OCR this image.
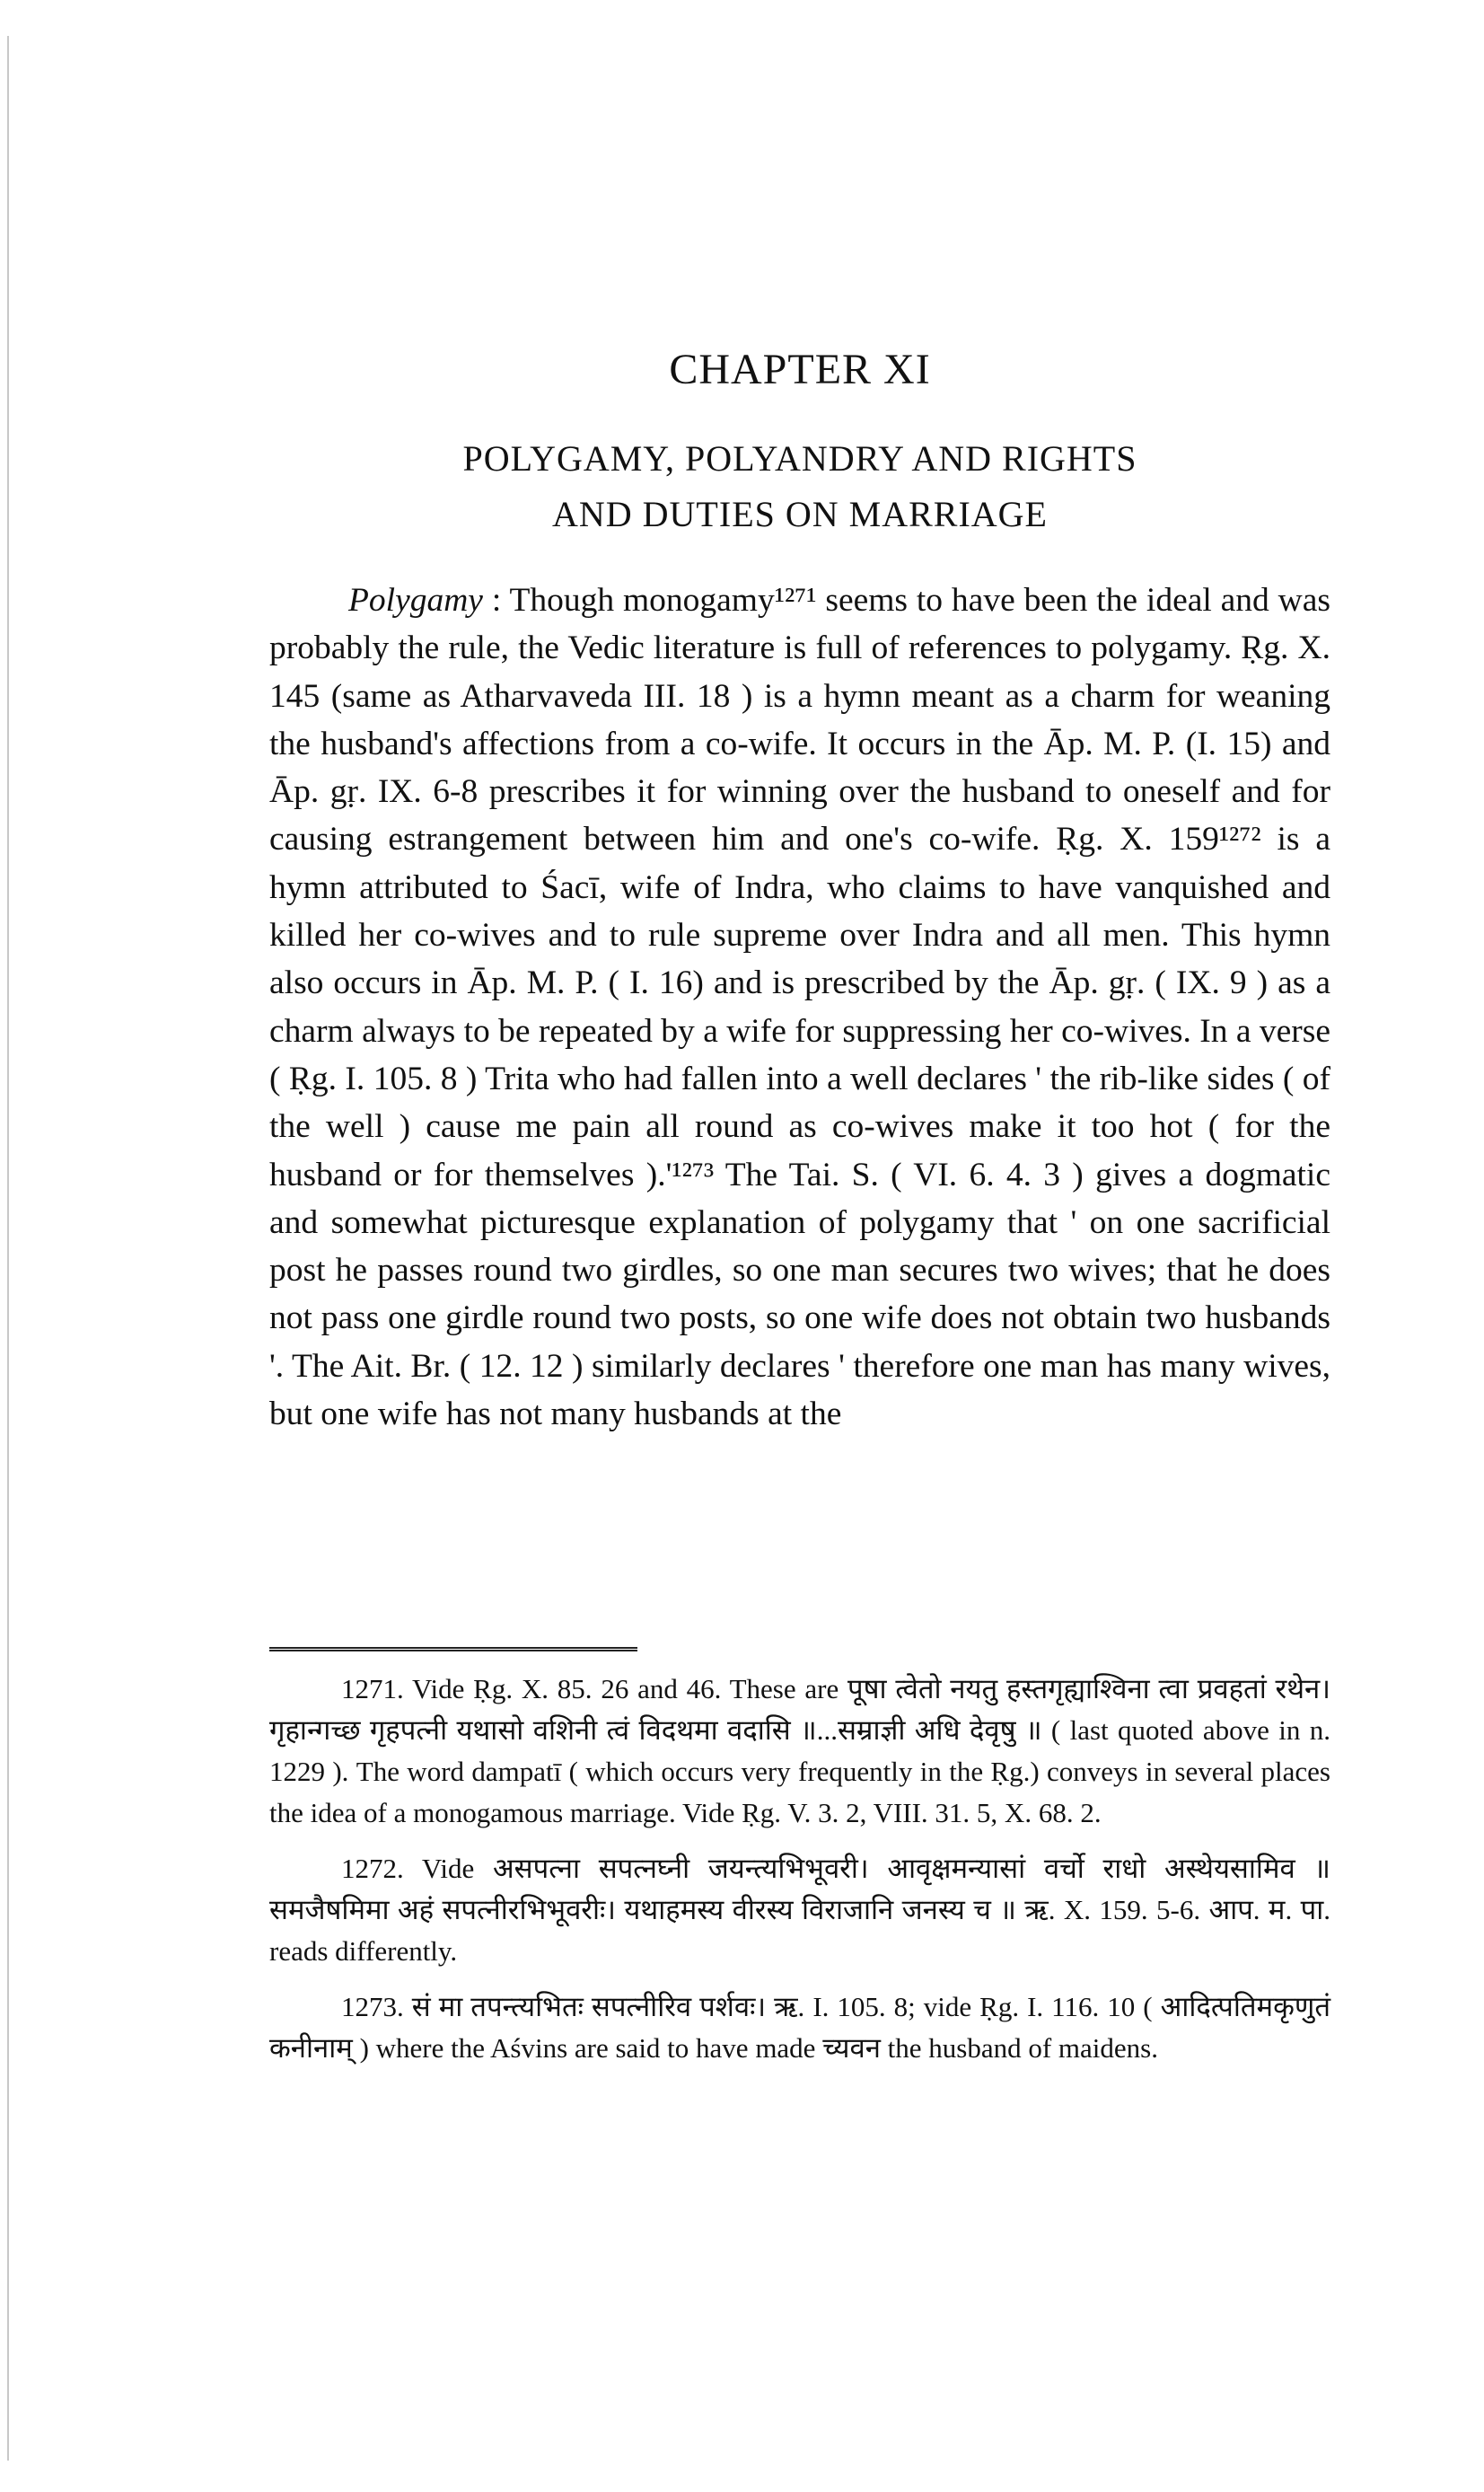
CHAPTER XI
POLYGAMY, POLYANDRY AND RIGHTS
AND DUTIES ON MARRIAGE
Polygamy : Though monogamy¹²⁷¹ seems to have been the ideal and was probably the rule, the Vedic literature is full of references to polygamy. Ṛg. X. 145 (same as Atharvaveda III. 18 ) is a hymn meant as a charm for weaning the husband's affections from a co-wife. It occurs in the Āp. M. P. (I. 15) and Āp. gṛ. IX. 6-8 prescribes it for winning over the husband to oneself and for causing estrangement between him and one's co-wife. Ṛg. X. 159¹²⁷² is a hymn attributed to Śacī, wife of Indra, who claims to have vanquished and killed her co-wives and to rule supreme over Indra and all men. This hymn also occurs in Āp. M. P. ( I. 16) and is prescribed by the Āp. gṛ. ( IX. 9 ) as a charm always to be repeated by a wife for suppressing her co-wives. In a verse ( Ṛg. I. 105. 8 ) Trita who had fallen into a well declares ' the rib-like sides ( of the well ) cause me pain all round as co-wives make it too hot ( for the husband or for themselves ).'¹²⁷³ The Tai. S. ( VI. 6. 4. 3 ) gives a dogmatic and somewhat picturesque explanation of polygamy that ' on one sacrificial post he passes round two girdles, so one man secures two wives; that he does not pass one girdle round two posts, so one wife does not obtain two husbands '. The Ait. Br. ( 12. 12 ) similarly declares ' therefore one man has many wives, but one wife has not many husbands at the

1271. Vide Ṛg. X. 85. 26 and 46. These are पूषा त्वेतो नयतु हस्तगृह्याश्विना त्वा प्रवहतां रथेन। गृहान्गच्छ गृहपत्नी यथासो वशिनी त्वं विदथमा वदासि ॥...सम्राज्ञी अधि देवृषु ॥ ( last quoted above in n. 1229 ). The word dampatī ( which occurs very frequently in the Ṛg.) conveys in several places the idea of a monogamous marriage. Vide Ṛg. V. 3. 2, VIII. 31. 5, X. 68. 2.

1272. Vide असपत्ना सपत्नघ्नी जयन्त्यभिभूवरी। आवृक्षमन्यासां वर्चो राधो अस्थेयसामिव ॥ समजैषमिमा अहं सपत्नीरभिभूवरीः। यथाहमस्य वीरस्य विराजानि जनस्य च ॥ ऋ. X. 159. 5-6. आप. म. पा. reads differently.

1273. सं मा तपन्त्यभितः सपत्नीरिव पर्शवः। ऋ. I. 105. 8; vide Ṛg. I. 116. 10 ( आदित्पतिमकृणुतं कनीनाम् ) where the Aśvins are said to have made च्यवन the husband of maidens.
